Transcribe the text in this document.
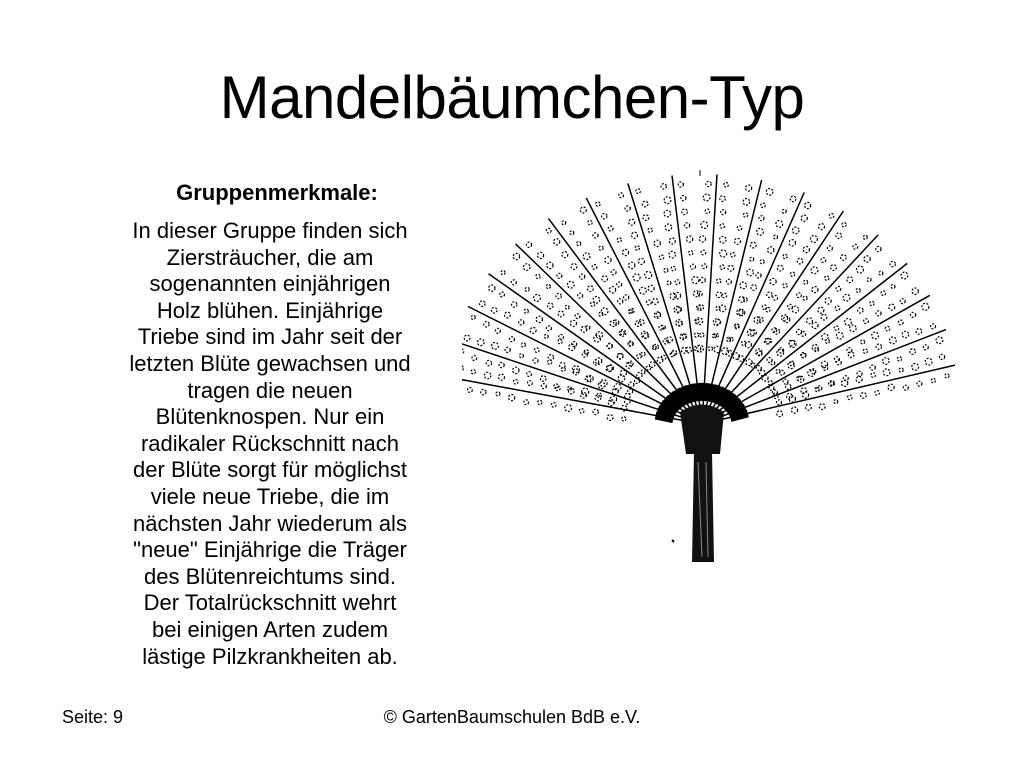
Mandelbäumchen-Typ
Gruppenmerkmale:
In dieser Gruppe finden sich
Ziersträucher, die am
sogenannten einjährigen
Holz blühen. Einjährige
Triebe sind im Jahr seit der
letzten Blüte gewachsen und
tragen die neuen
Blütenknospen. Nur ein
radikaler Rückschnitt nach
der Blüte sorgt für möglichst
viele neue Triebe, die im
nächsten Jahr wiederum als
"neue" Einjährige die Träger
des Blütenreichtums sind.
Der Totalrückschnitt wehrt
bei einigen Arten zudem
lästige Pilzkrankheiten ab.
Seite: 9	© GartenBaumschulen BdB e.V.
